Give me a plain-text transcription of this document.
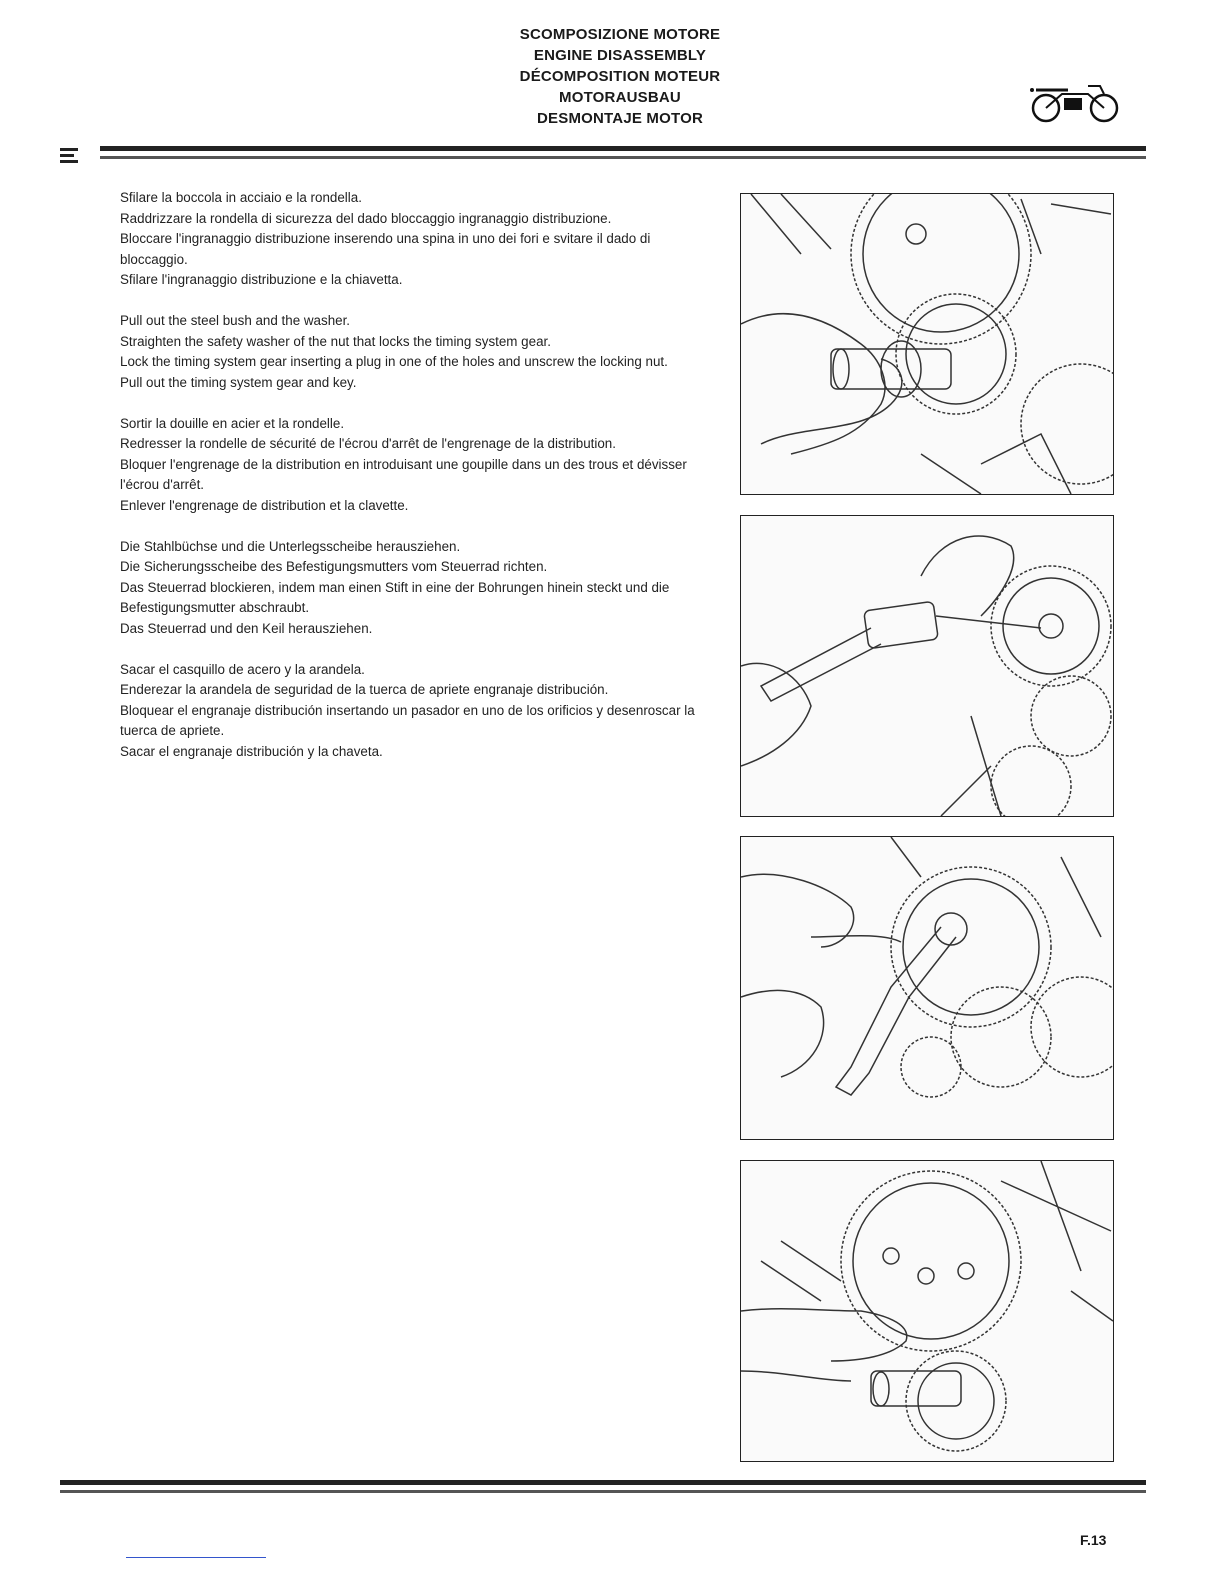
SCOMPOSIZIONE MOTORE
ENGINE DISASSEMBLY
DÉCOMPOSITION MOTEUR
MOTORAUSBAU
DESMONTAJE MOTOR
Sfilare la boccola in acciaio e la rondella.
Raddrizzare la rondella di sicurezza del dado bloccaggio ingranaggio distribuzione.
Bloccare l'ingranaggio distribuzione inserendo una spina in uno dei fori e svitare il dado di bloccaggio.
Sfilare l'ingranaggio distribuzione e la chiavetta.
Pull out the steel bush and the washer.
Straighten the safety washer of the nut that locks the timing system gear.
Lock the timing system gear inserting a plug in one of the holes and unscrew the locking nut.
Pull out the timing system gear and key.
Sortir la douille en acier et la rondelle.
Redresser la rondelle de sécurité de l'écrou d'arrêt de l'engrenage de la distribution.
Bloquer l'engrenage de la distribution en introduisant une goupille dans un des trous et dévisser l'écrou d'arrêt.
Enlever l'engrenage de distribution et la clavette.
Die Stahlbüchse und die Unterlegsscheibe herausziehen.
Die Sicherungsscheibe des Befestigungsmutters vom Steuerrad richten.
Das Steuerrad blockieren, indem man einen Stift in eine der Bohrungen hinein steckt und die Befestigungsmutter abschraubt.
Das Steuerrad und den Keil herausziehen.
Sacar el casquillo de acero y la arandela.
Enderezar la arandela de seguridad de la tuerca de apriete engranaje distribución.
Bloquear el engranaje distribución insertando un pasador en uno de los orificios y desenroscar la tuerca de apriete.
Sacar el engranaje distribución y la chaveta.
F.13
